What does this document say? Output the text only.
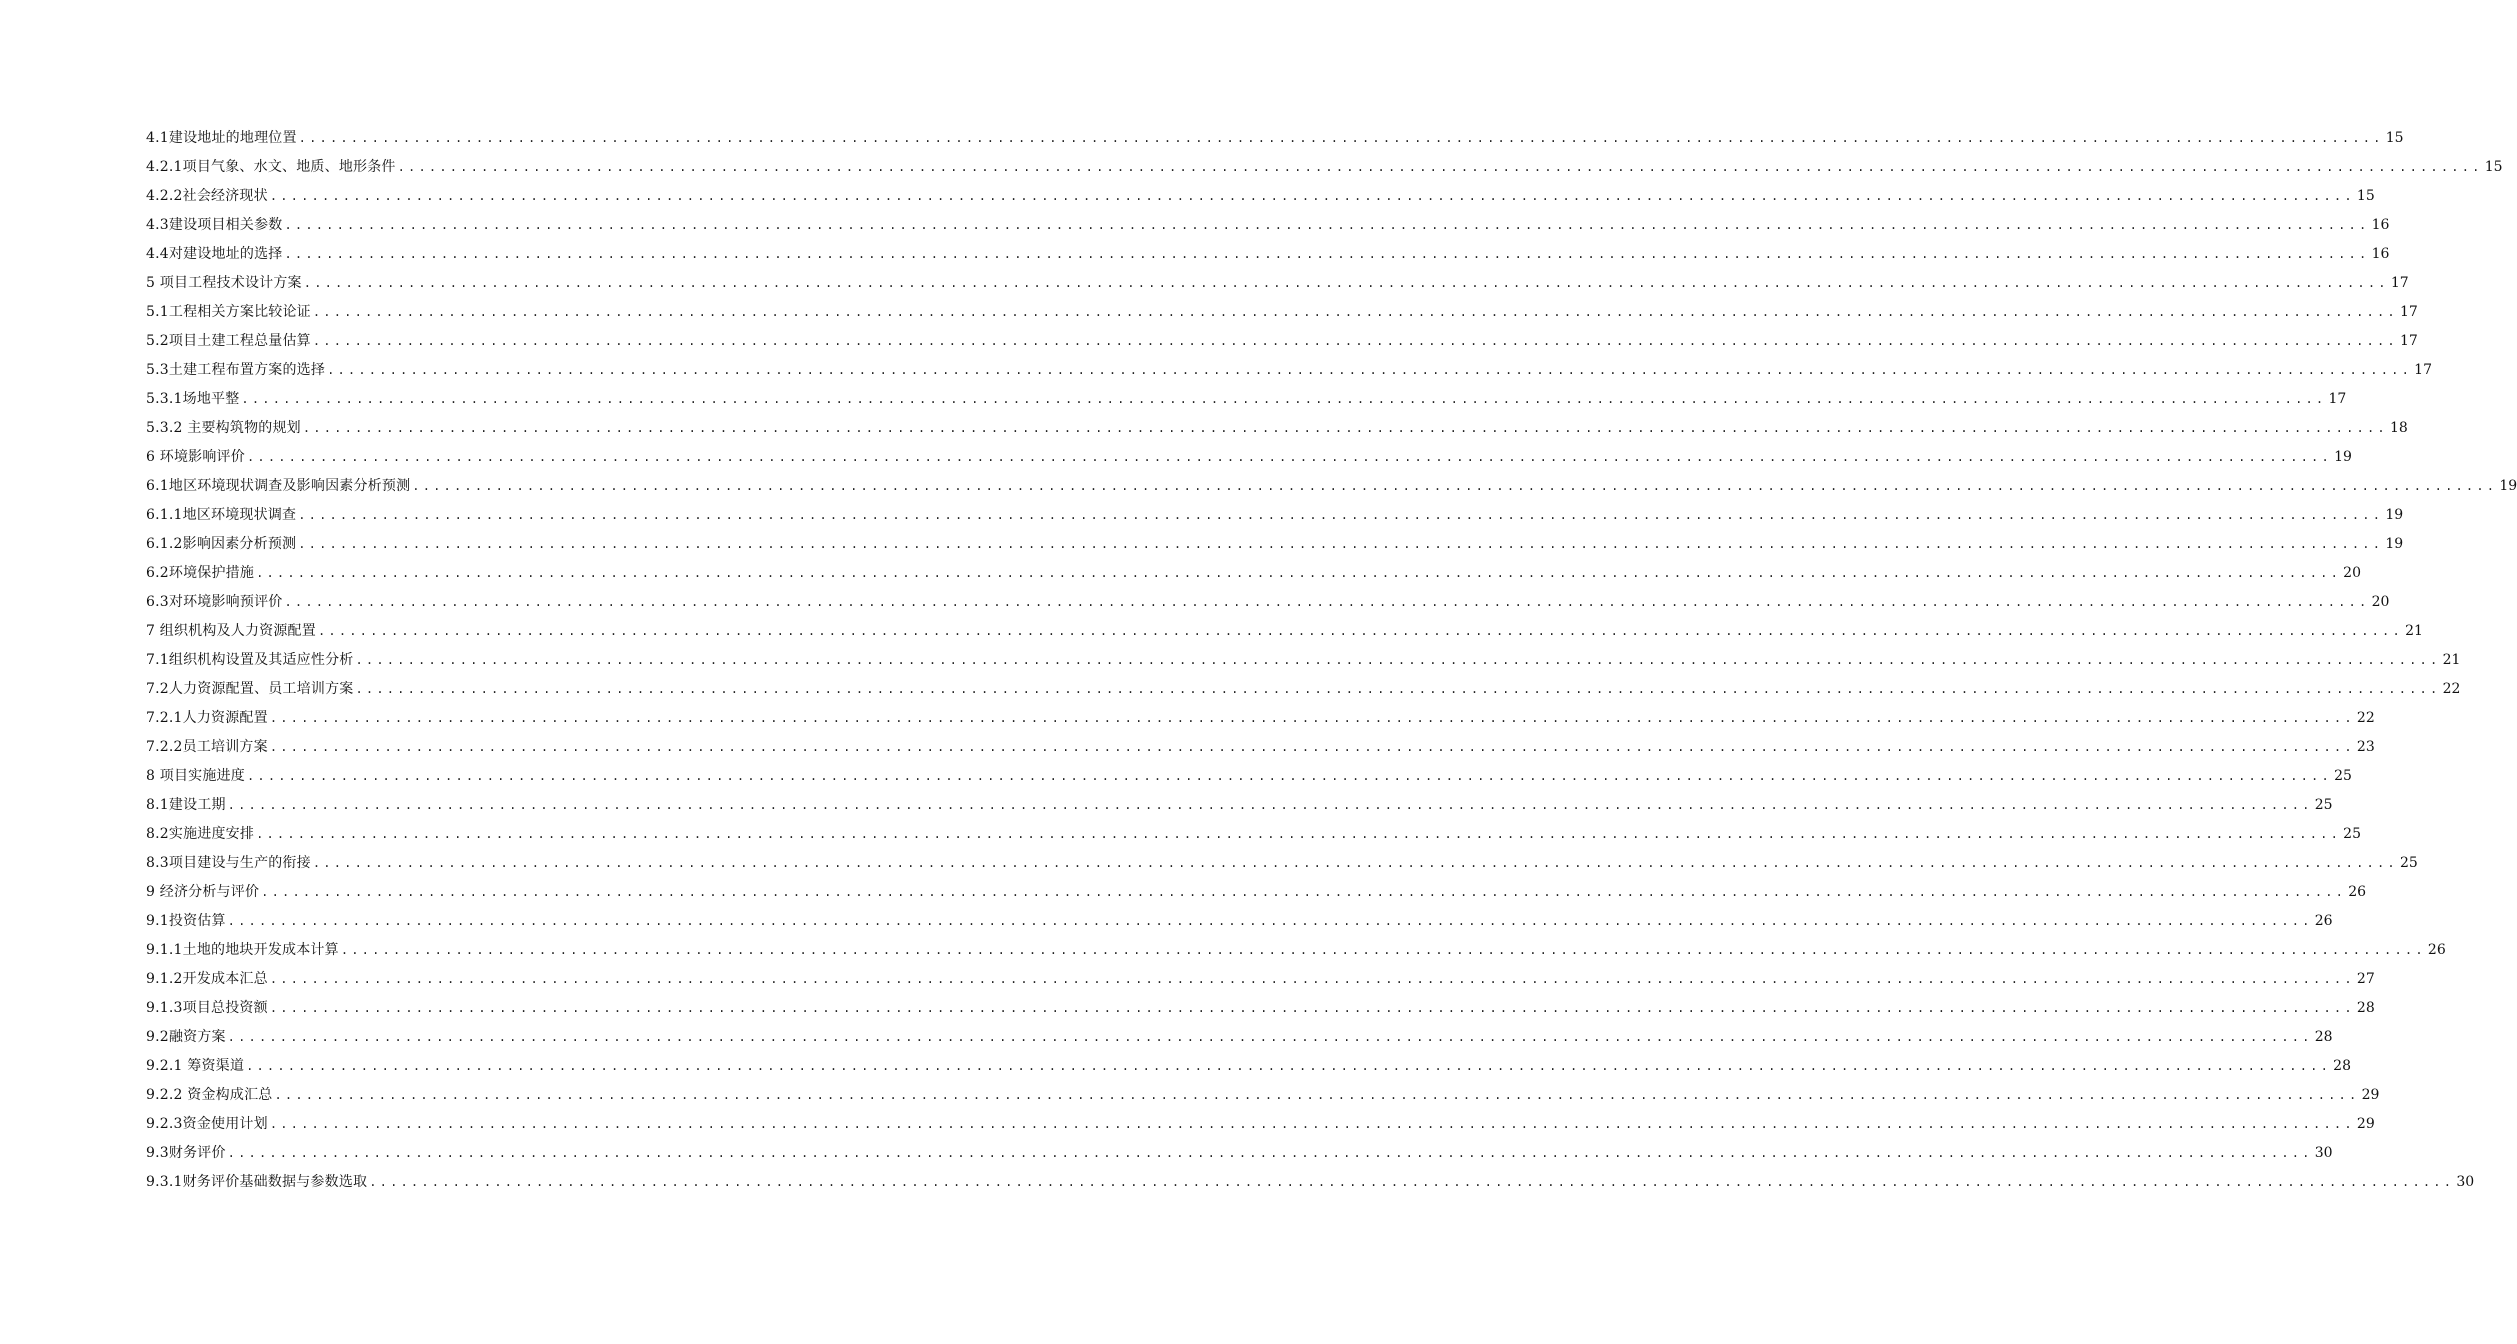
4.1建设地址的地理位置 ........................................................................................................................................................................................................ 15
4.2.1项目气象、水文、地质、地形条件 ........................................................................................................................................................................................................ 15
4.2.2社会经济现状 ........................................................................................................................................................................................................ 15
4.3建设项目相关参数 ........................................................................................................................................................................................................ 16
4.4对建设地址的选择 ........................................................................................................................................................................................................ 16
5 项目工程技术设计方案 ........................................................................................................................................................................................................ 17
5.1工程相关方案比较论证 ........................................................................................................................................................................................................ 17
5.2项目土建工程总量估算 ........................................................................................................................................................................................................ 17
5.3土建工程布置方案的选择 ........................................................................................................................................................................................................ 17
5.3.1场地平整 ........................................................................................................................................................................................................ 17
5.3.2 主要构筑物的规划 ........................................................................................................................................................................................................ 18
6 环境影响评价 ........................................................................................................................................................................................................ 19
6.1地区环境现状调查及影响因素分析预测 ........................................................................................................................................................................................................ 19
6.1.1地区环境现状调查 ........................................................................................................................................................................................................ 19
6.1.2影响因素分析预测 ........................................................................................................................................................................................................ 19
6.2环境保护措施 ........................................................................................................................................................................................................ 20
6.3对环境影响预评价 ........................................................................................................................................................................................................ 20
7 组织机构及人力资源配置 ........................................................................................................................................................................................................ 21
7.1组织机构设置及其适应性分析 ........................................................................................................................................................................................................ 21
7.2人力资源配置、员工培训方案 ........................................................................................................................................................................................................ 22
7.2.1人力资源配置 ........................................................................................................................................................................................................ 22
7.2.2员工培训方案 ........................................................................................................................................................................................................ 23
8 项目实施进度 ........................................................................................................................................................................................................ 25
8.1建设工期 ........................................................................................................................................................................................................ 25
8.2实施进度安排 ........................................................................................................................................................................................................ 25
8.3项目建设与生产的衔接 ........................................................................................................................................................................................................ 25
9 经济分析与评价 ........................................................................................................................................................................................................ 26
9.1投资估算 ........................................................................................................................................................................................................ 26
9.1.1土地的地块开发成本计算 ........................................................................................................................................................................................................ 26
9.1.2开发成本汇总 ........................................................................................................................................................................................................ 27
9.1.3项目总投资额 ........................................................................................................................................................................................................ 28
9.2融资方案 ........................................................................................................................................................................................................ 28
9.2.1 筹资渠道 ........................................................................................................................................................................................................ 28
9.2.2 资金构成汇总 ........................................................................................................................................................................................................ 29
9.2.3资金使用计划 ........................................................................................................................................................................................................ 29
9.3财务评价 ........................................................................................................................................................................................................ 30
9.3.1财务评价基础数据与参数选取 ........................................................................................................................................................................................................ 30
